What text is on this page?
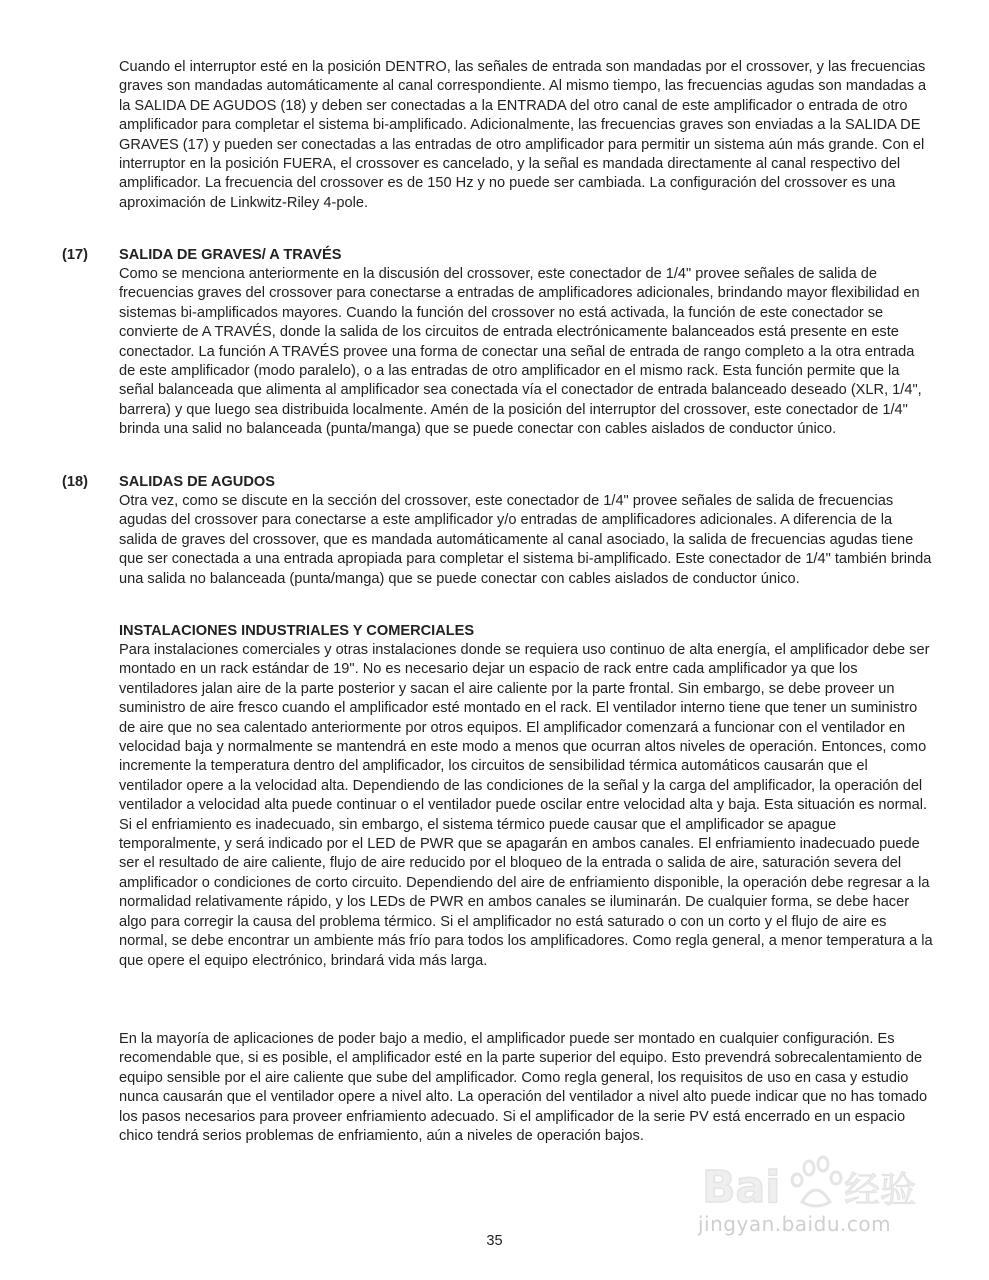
Cuando el interruptor esté en la posición DENTRO, las señales de entrada son mandadas por el crossover, y las frecuencias graves son mandadas automáticamente al canal correspondiente. Al mismo tiempo, las frecuencias agudas son mandadas a la SALIDA DE AGUDOS (18) y deben ser conectadas a la ENTRADA del otro canal de este amplificador o entrada de otro amplificador para completar el sistema bi-amplificado. Adicionalmente, las frecuencias graves son enviadas a la SALIDA DE GRAVES (17) y pueden ser conectadas a las entradas de otro amplificador para permitir un sistema aún más grande. Con el interruptor en la posición FUERA, el crossover es cancelado, y la señal es mandada directamente al canal respectivo del amplificador. La frecuencia del crossover es de 150 Hz y no puede ser cambiada. La configuración del crossover es una aproximación de Linkwitz-Riley 4-pole.

(17) SALIDA DE GRAVES/ A TRAVÉS

Como se menciona anteriormente en la discusión del crossover, este conectador de 1/4" provee señales de salida de frecuencias graves del crossover para conectarse a entradas de amplificadores adicionales, brindando mayor flexibilidad en sistemas bi-amplificados mayores. Cuando la función del crossover no está activada, la función de este conectador se convierte de A TRAVÉS, donde la salida de los circuitos de entrada electrónicamente balanceados está presente en este conectador. La función A TRAVÉS provee una forma de conectar una señal de entrada de rango completo a la otra entrada de este amplificador (modo paralelo), o a las entradas de otro amplificador en el mismo rack. Esta función permite que la señal balanceada que alimenta al amplificador sea conectada vía el conectador de entrada balanceado deseado (XLR, 1/4", barrera) y que luego sea distribuida localmente. Amén de la posición del interruptor del crossover, este conectador de 1/4" brinda una salid no balanceada (punta/manga) que se puede conectar con cables aislados de conductor único.

(18) SALIDAS DE AGUDOS

Otra vez, como se discute en la sección del crossover, este conectador de 1/4" provee señales de salida de frecuencias agudas del crossover para conectarse a este amplificador y/o entradas de amplificadores adicionales. A diferencia de la salida de graves del crossover, que es mandada automáticamente al canal asociado, la salida de frecuencias agudas tiene que ser conectada a una entrada apropiada para completar el sistema bi-amplificado. Este conectador de 1/4" también brinda una salida no balanceada (punta/manga) que se puede conectar con cables aislados de conductor único.

INSTALACIONES INDUSTRIALES Y COMERCIALES

Para instalaciones comerciales y otras instalaciones donde se requiera uso continuo de alta energía, el amplificador debe ser montado en un rack estándar de 19". No es necesario dejar un espacio de rack entre cada amplificador ya que los ventiladores jalan aire de la parte posterior y sacan el aire caliente por la parte frontal. Sin embargo, se debe proveer un suministro de aire fresco cuando el amplificador esté montado en el rack. El ventilador interno tiene que tener un suministro de aire que no sea calentado anteriormente por otros equipos. El amplificador comenzará a funcionar con el ventilador en velocidad baja y normalmente se mantendrá en este modo a menos que ocurran altos niveles de operación. Entonces, como incremente la temperatura dentro del amplificador, los circuitos de sensibilidad térmica automáticos causarán que el ventilador opere a la velocidad alta. Dependiendo de las condiciones de la señal y la carga del amplificador, la operación del ventilador a velocidad alta puede continuar o el ventilador puede oscilar entre velocidad alta y baja. Esta situación es normal. Si el enfriamiento es inadecuado, sin embargo, el sistema térmico puede causar que el amplificador se apague temporalmente, y será indicado por el LED de PWR que se apagarán en ambos canales. El enfriamiento inadecuado puede ser el resultado de aire caliente, flujo de aire reducido por el bloqueo de la entrada o salida de aire, saturación severa del amplificador o condiciones de corto circuito. Dependiendo del aire de enfriamiento disponible, la operación debe regresar a la normalidad relativamente rápido, y los LEDs de PWR en ambos canales se iluminarán. De cualquier forma, se debe hacer algo para corregir la causa del problema térmico. Si el amplificador no está saturado o con un corto y el flujo de aire es normal, se debe encontrar un ambiente más frío para todos los amplificadores. Como regla general, a menor temperatura a la que opere el equipo electrónico, brindará vida más larga.

En la mayoría de aplicaciones de poder bajo a medio, el amplificador puede ser montado en cualquier configuración. Es recomendable que, si es posible, el amplificador esté en la parte superior del equipo. Esto prevendrá sobrecalentamiento de equipo sensible por el aire caliente que sube del amplificador. Como regla general, los requisitos de uso en casa y estudio nunca causarán que el ventilador opere a nivel alto. La operación del ventilador a nivel alto puede indicar que no has tomado los pasos necesarios para proveer enfriamiento adecuado. Si el amplificador de la serie PV está encerrado en un espacio chico tendrá serios problemas de enfriamiento, aún a niveles de operación bajos.

35
Bai 经验
jingyan.baidu.com
